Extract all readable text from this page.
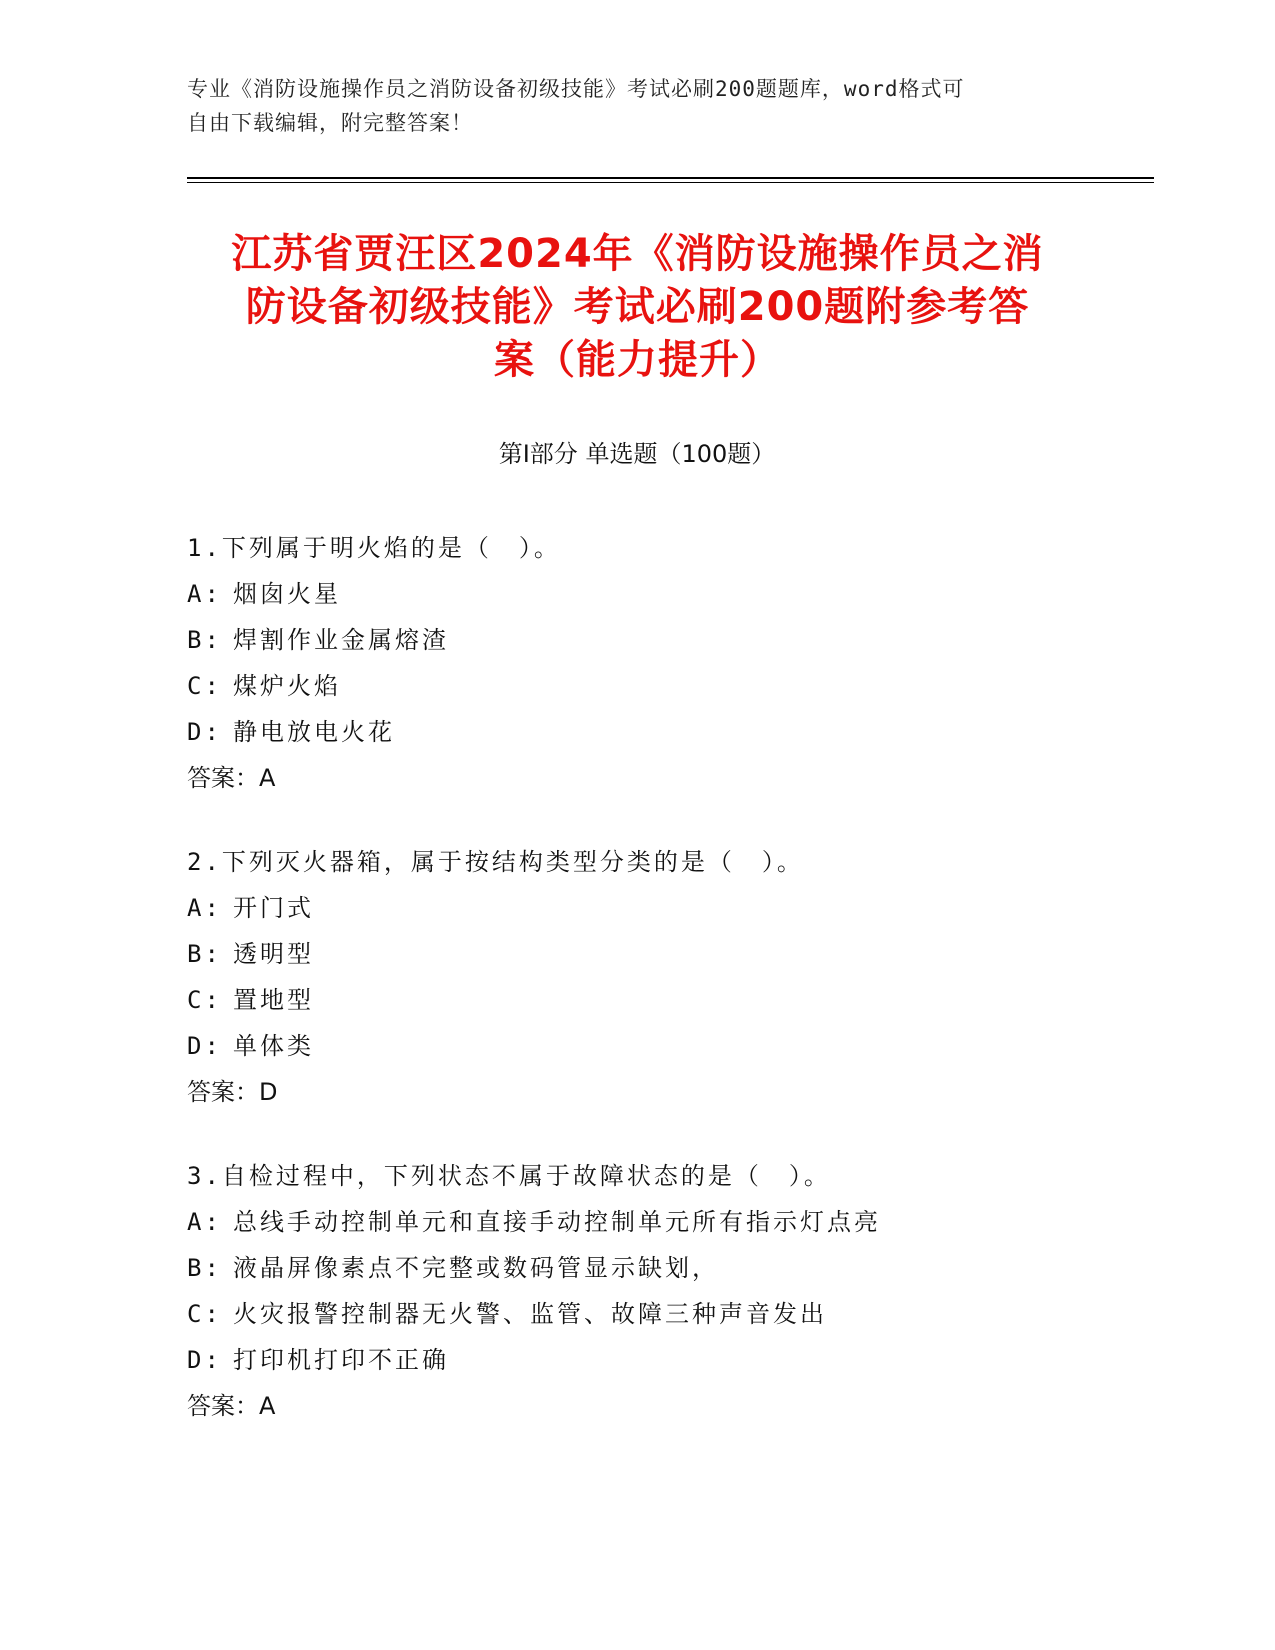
专业《消防设施操作员之消防设备初级技能》考试必刷200题题库，word格式可
自由下载编辑，附完整答案！
江苏省贾汪区2024年《消防设施操作员之消
防设备初级技能》考试必刷200题附参考答
案（能力提升）
第Ⅰ部分 单选题（100题）
1.下列属于明火焰的是（　）。
A: 烟囱火星
B: 焊割作业金属熔渣
C: 煤炉火焰
D: 静电放电火花
答案：A
2.下列灭火器箱，属于按结构类型分类的是（　）。
A: 开门式
B: 透明型
C: 置地型
D: 单体类
答案：D
3.自检过程中，下列状态不属于故障状态的是（　）。
A: 总线手动控制单元和直接手动控制单元所有指示灯点亮
B: 液晶屏像素点不完整或数码管显示缺划，
C: 火灾报警控制器无火警、监管、故障三种声音发出
D: 打印机打印不正确
答案：A
